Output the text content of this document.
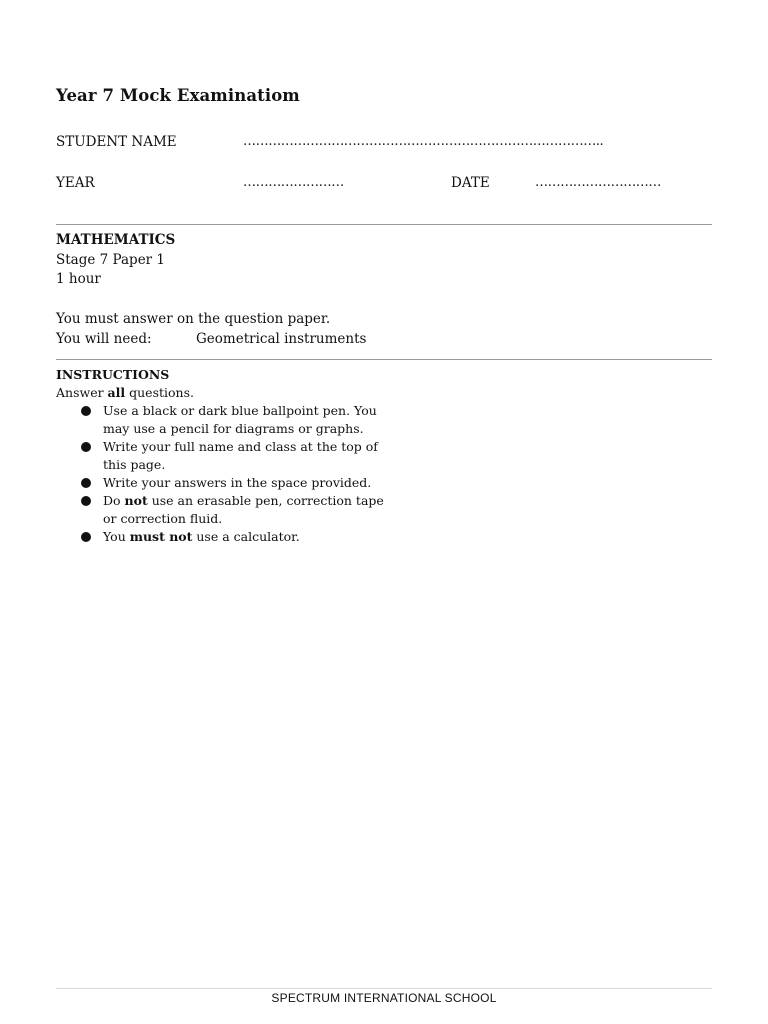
Year 7 Mock Examinatiom
STUDENT NAME	…………………………………………………………………………..
YEAR	……………………	DATE	…………………………
MATHEMATICS
Stage 7 Paper 1
1 hour
You must answer on the question paper.
You will need:	Geometrical instruments
INSTRUCTIONS
Answer all questions.
Use a black or dark blue ballpoint pen. You may use a pencil for diagrams or graphs.
Write your full name and class at the top of this page.
Write your answers in the space provided.
Do not use an erasable pen, correction tape or correction fluid.
You must not use a calculator.
SPECTRUM INTERNATIONAL SCHOOL
